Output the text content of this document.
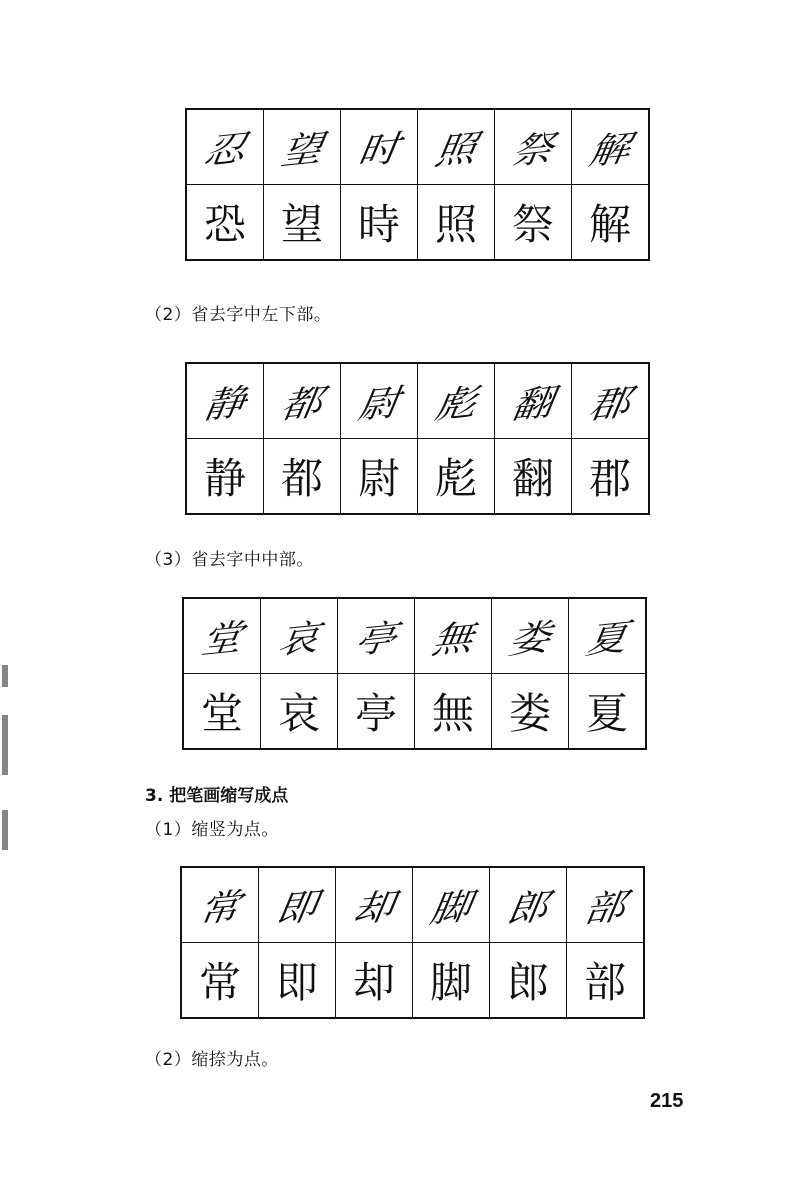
忍	望	时	照	祭	解
恐	望	時	照	祭	解
（2）省去字中左下部。
静	都	尉	彪	翻	郡
静	都	尉	彪	翻	郡
（3）省去字中中部。
堂	哀	亭	無	娄	夏
堂	哀	亭	無	娄	夏
3. 把笔画缩写成点
（1）缩竖为点。
常	即	却	脚	郎	部
常	即	却	脚	郎	部
（2）缩捺为点。
215
